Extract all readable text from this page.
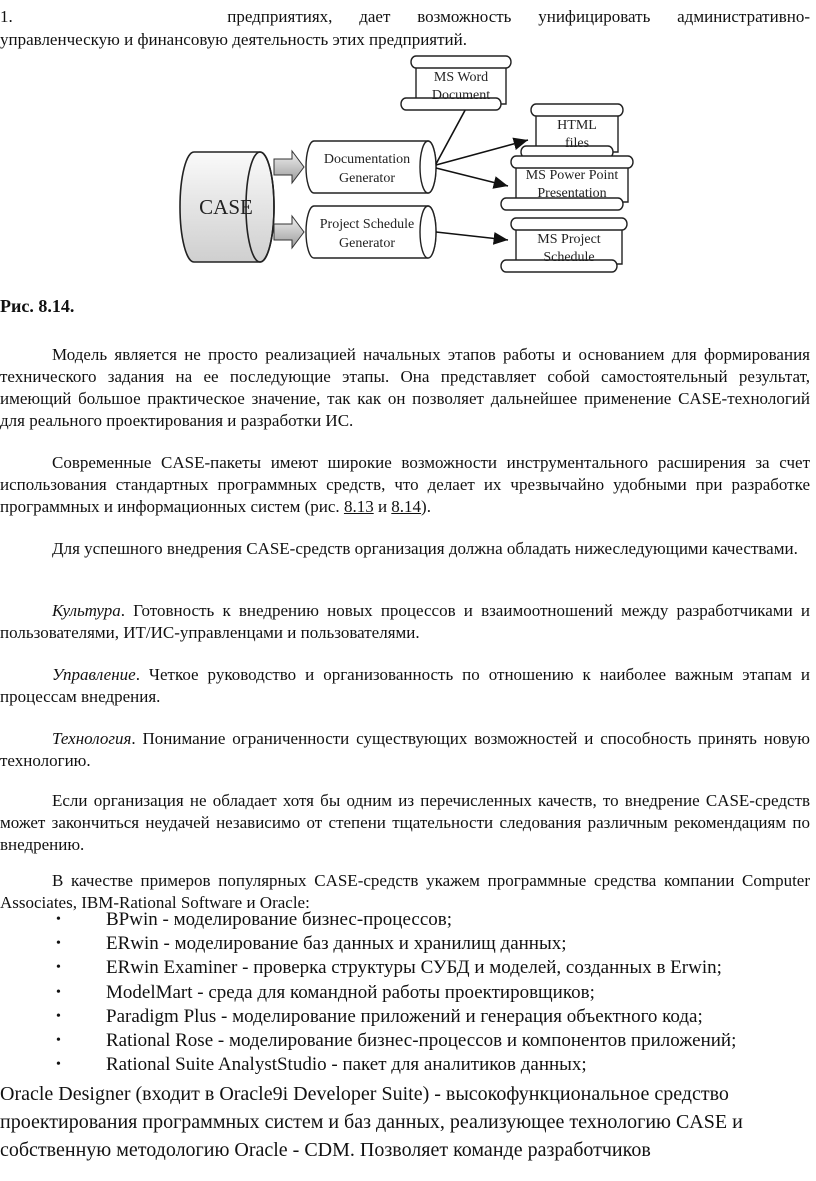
1.        предприятиях, дает возможность унифицировать административно-
управленческую и финансовую деятельность этих предприятий.
CASE
Documentation
Generator
Project Schedule
Generator
MS Word
Document
HTML
files
MS Power Point
Presentation
MS Project
Schedule
Рис. 8.14.
Модель является не просто реализацией начальных этапов работы и основанием для формирования технического задания на ее последующие этапы. Она представляет собой самостоятельный результат, имеющий большое практическое значение, так как он позволяет дальнейшее применение CASE-технологий для реального проектирования и разработки ИС.
Современные CASE-пакеты имеют широкие возможности инструментального расширения за счет использования стандартных программных средств, что делает их чрезвычайно удобными при разработке программных и информационных систем (рис. 8.13 и 8.14).
Для успешного внедрения CASE-средств организация должна обладать нижеследующими качествами.
Культура. Готовность к внедрению новых процессов и взаимоотношений между разработчиками и пользователями, ИТ/ИС-управленцами и пользователями.
Управление. Четкое руководство и организованность по отношению к наиболее важным этапам и процессам внедрения.
Технология. Понимание ограниченности существующих возможностей и способность принять новую технологию.
Если организация не обладает хотя бы одним из перечисленных качеств, то внедрение CASE-средств может закончиться неудачей независимо от степени тщательности следования различным рекомендациям по внедрению.
В качестве примеров популярных CASE-средств укажем программные средства компании Computer Associates, IBM-Rational Software и Oracle:
• BPwin - моделирование бизнес-процессов;
• ERwin - моделирование баз данных и хранилищ данных;
• ERwin Examiner - проверка структуры СУБД и моделей, созданных в Erwin;
• ModelMart - среда для командной работы проектировщиков;
• Paradigm Plus - моделирование приложений и генерация объектного кода;
• Rational Rose - моделирование бизнес-процессов и компонентов приложений;
• Rational Suite AnalystStudio - пакет для аналитиков данных;
Oracle Designer (входит в Oracle9i Developer Suite) - высокофункциональное средство
проектирования программных систем и баз данных, реализующее технологию CASE и
собственную методологию Oracle - CDM. Позволяет команде разработчиков
